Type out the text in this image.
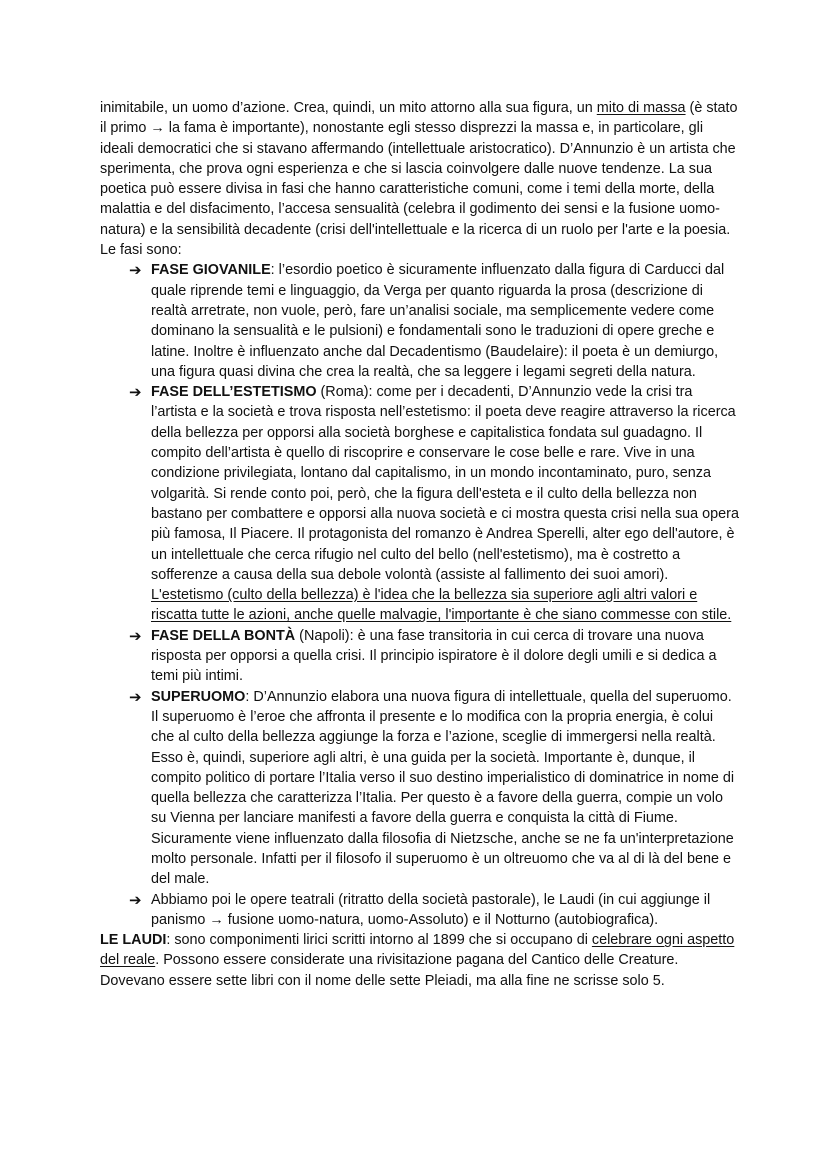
inimitabile, un uomo d’azione. Crea, quindi, un mito attorno alla sua figura, un mito di massa (è stato il primo → la fama è importante), nonostante egli stesso disprezzi la massa e, in particolare, gli ideali democratici che si stavano affermando (intellettuale aristocratico). D’Annunzio è un artista che sperimenta, che prova ogni esperienza e che si lascia coinvolgere dalle nuove tendenze. La sua poetica può essere divisa in fasi che hanno caratteristiche comuni, come i temi della morte, della malattia e del disfacimento, l’accesa sensualità (celebra il godimento dei sensi e la fusione uomo-natura) e la sensibilità decadente (crisi dell'intellettuale e la ricerca di un ruolo per l'arte e la poesia. Le fasi sono:

➔ FASE GIOVANILE: l’esordio poetico è sicuramente influenzato dalla figura di Carducci dal quale riprende temi e linguaggio, da Verga per quanto riguarda la prosa (descrizione di realtà arretrate, non vuole, però, fare un’analisi sociale, ma semplicemente vedere come dominano la sensualità e le pulsioni) e fondamentali sono le traduzioni di opere greche e latine. Inoltre è influenzato anche dal Decadentismo (Baudelaire): il poeta è un demiurgo, una figura quasi divina che crea la realtà, che sa leggere i legami segreti della natura.
➔ FASE DELL’ESTETISMO (Roma): come per i decadenti, D’Annunzio vede la crisi tra l’artista e la società e trova risposta nell’estetismo: il poeta deve reagire attraverso la ricerca della bellezza per opporsi alla società borghese e capitalistica fondata sul guadagno. Il compito dell’artista è quello di riscoprire e conservare le cose belle e rare. Vive in una condizione privilegiata, lontano dal capitalismo, in un mondo incontaminato, puro, senza volgarità. Si rende conto poi, però, che la figura dell'esteta e il culto della bellezza non bastano per combattere e opporsi alla nuova società e ci mostra questa crisi nella sua opera più famosa, Il Piacere. Il protagonista del romanzo è Andrea Sperelli, alter ego dell'autore, è un intellettuale che cerca rifugio nel culto del bello (nell'estetismo), ma è costretto a sofferenze a causa della sua debole volontà (assiste al fallimento dei suoi amori). L'estetismo (culto della bellezza) è l'idea che la bellezza sia superiore agli altri valori e riscatta tutte le azioni, anche quelle malvagie, l'importante è che siano commesse con stile.
➔ FASE DELLA BONTÀ (Napoli): è una fase transitoria in cui cerca di trovare una nuova risposta per opporsi a quella crisi. Il principio ispiratore è il dolore degli umili e si dedica a temi più intimi.
➔ SUPERUOMO: D’Annunzio elabora una nuova figura di intellettuale, quella del superuomo. Il superuomo è l’eroe che affronta il presente e lo modifica con la propria energia, è colui che al culto della bellezza aggiunge la forza e l’azione, sceglie di immergersi nella realtà. Esso è, quindi, superiore agli altri, è una guida per la società. Importante è, dunque, il compito politico di portare l’Italia verso il suo destino imperialistico di dominatrice in nome di quella bellezza che caratterizza l’Italia. Per questo è a favore della guerra, compie un volo su Vienna per lanciare manifesti a favore della guerra e conquista la città di Fiume. Sicuramente viene influenzato dalla filosofia di Nietzsche, anche se ne fa un'interpretazione molto personale. Infatti per il filosofo il superuomo è un oltreuomo che va al di là del bene e del male.
➔ Abbiamo poi le opere teatrali (ritratto della società pastorale), le Laudi (in cui aggiunge il panismo → fusione uomo-natura, uomo-Assoluto) e il Notturno (autobiografica).

LE LAUDI: sono componimenti lirici scritti intorno al 1899 che si occupano di celebrare ogni aspetto del reale. Possono essere considerate una rivisitazione pagana del Cantico delle Creature. Dovevano essere sette libri con il nome delle sette Pleiadi, ma alla fine ne scrisse solo 5.
